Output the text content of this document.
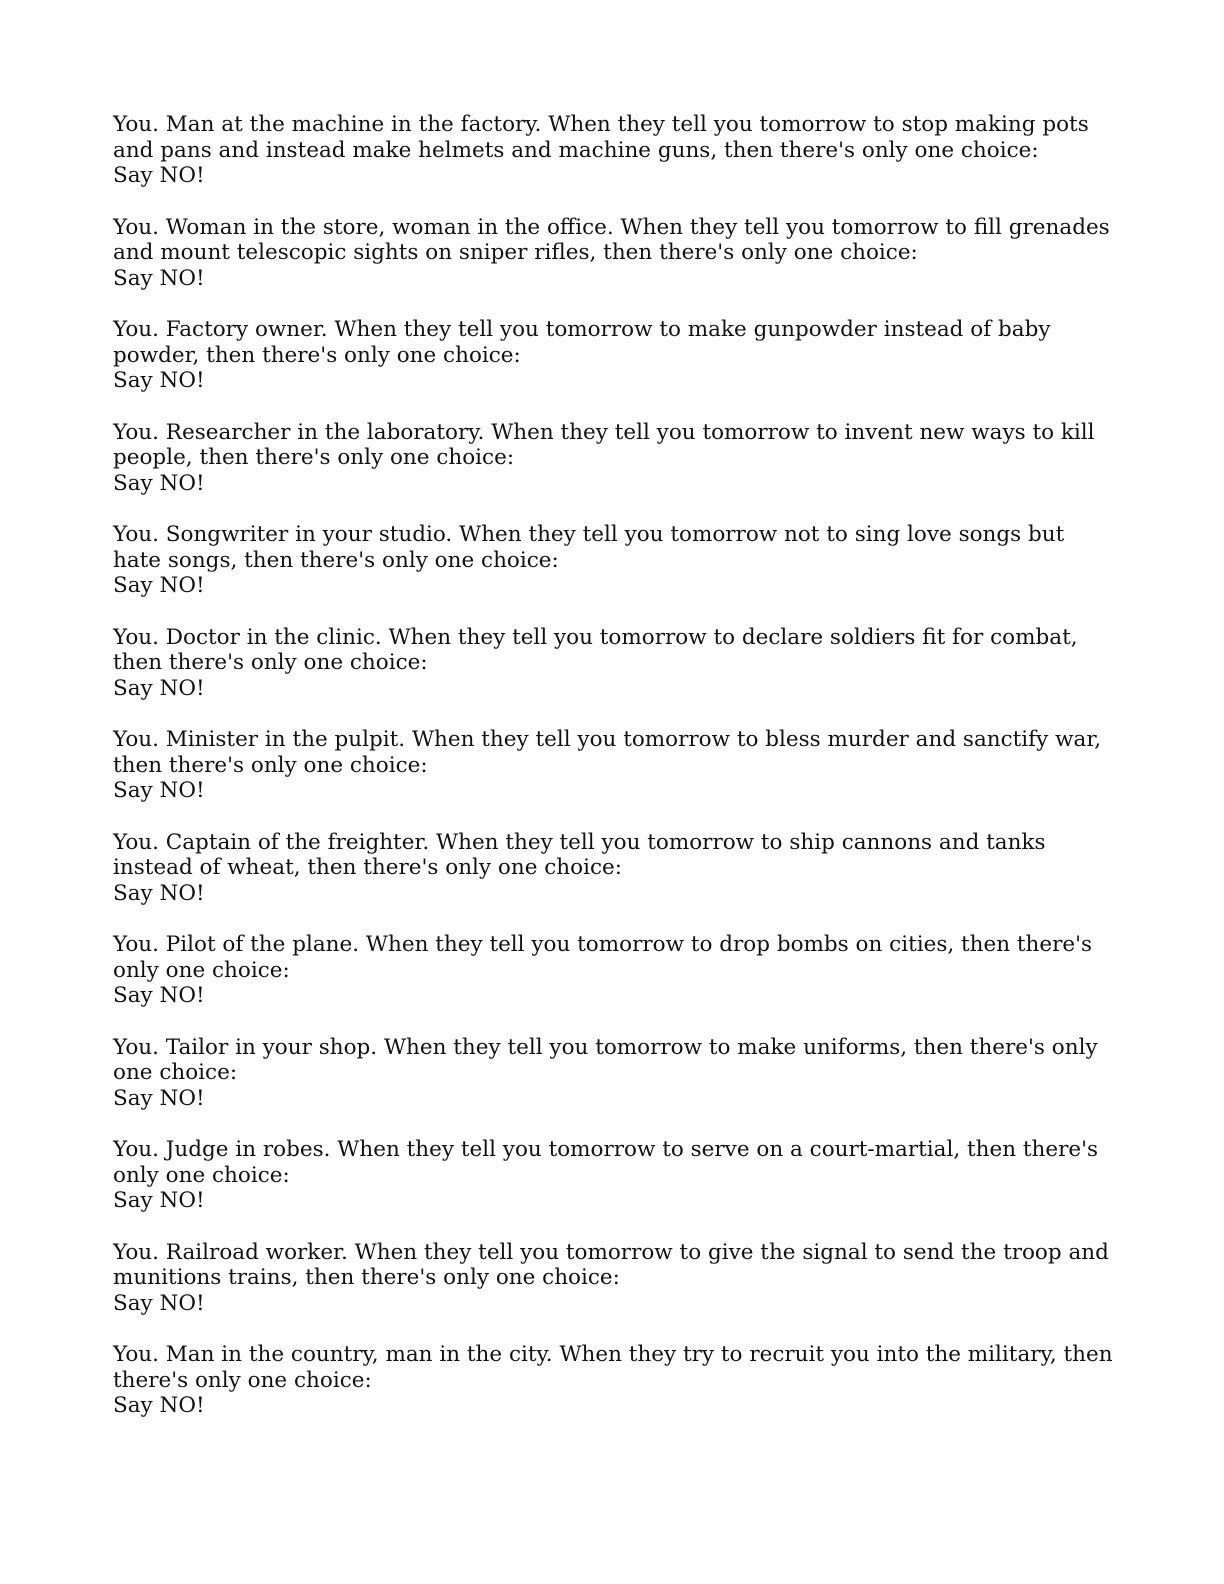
You. Man at the machine in the factory. When they tell you tomorrow to stop making pots and pans and instead make helmets and machine guns, then there's only one choice:

Say NO!

You. Woman in the store, woman in the office. When they tell you tomorrow to fill grenades and mount telescopic sights on sniper rifles, then there's only one choice:

Say NO!

You. Factory owner. When they tell you tomorrow to make gunpowder instead of baby powder, then there's only one choice:

Say NO!

You. Researcher in the laboratory. When they tell you tomorrow to invent new ways to kill people, then there's only one choice:

Say NO!

You. Songwriter in your studio. When they tell you tomorrow not to sing love songs but hate songs, then there's only one choice:

Say NO!

You. Doctor in the clinic. When they tell you tomorrow to declare soldiers fit for combat, then there's only one choice:

Say NO!

You. Minister in the pulpit. When they tell you tomorrow to bless murder and sanctify war, then there's only one choice:

Say NO!

You. Captain of the freighter. When they tell you tomorrow to ship cannons and tanks instead of wheat, then there's only one choice:

Say NO!

You. Pilot of the plane. When they tell you tomorrow to drop bombs on cities, then there's only one choice:

Say NO!

You. Tailor in your shop. When they tell you tomorrow to make uniforms, then there's only one choice:

Say NO!

You. Judge in robes. When they tell you tomorrow to serve on a court-martial, then there's only one choice:

Say NO!

You. Railroad worker. When they tell you tomorrow to give the signal to send the troop and munitions trains, then there's only one choice:

Say NO!

You. Man in the country, man in the city. When they try to recruit you into the military, then there's only one choice:

Say NO!
